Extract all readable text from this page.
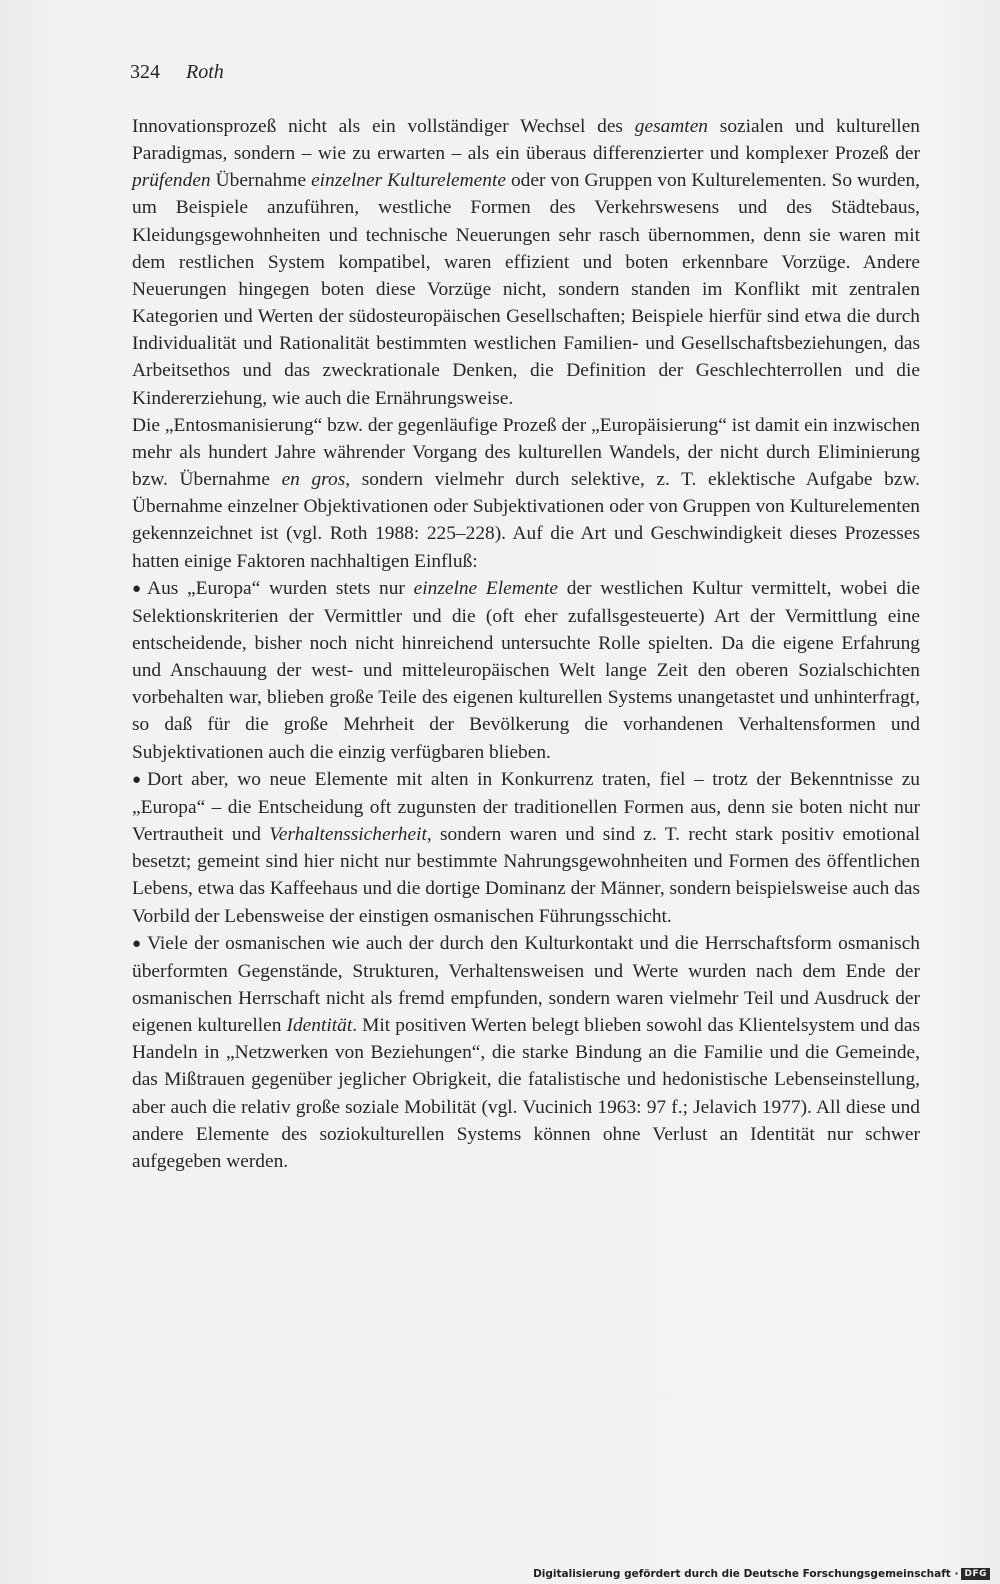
324 Roth

Innovationsprozeß nicht als ein vollständiger Wechsel des gesamten sozialen und kulturellen Paradigmas, sondern – wie zu erwarten – als ein überaus differenzierter und komplexer Prozeß der prüfenden Übernahme einzelner Kulturelemente oder von Gruppen von Kulturelementen. So wurden, um Beispiele anzuführen, westliche Formen des Verkehrswesens und des Städtebaus, Kleidungsgewohnheiten und technische Neuerungen sehr rasch übernommen, denn sie waren mit dem restlichen System kompatibel, waren effizient und boten erkennbare Vorzüge. Andere Neuerungen hingegen boten diese Vorzüge nicht, sondern standen im Konflikt mit zentralen Kategorien und Werten der südosteuropäischen Gesellschaften; Beispiele hierfür sind etwa die durch Individualität und Rationalität bestimmten westlichen Familien- und Gesellschaftsbeziehungen, das Arbeitsethos und das zweckrationale Denken, die Definition der Geschlechterrollen und die Kindererziehung, wie auch die Ernährungsweise.

Die „Entosmanisierung“ bzw. der gegenläufige Prozeß der „Europäisierung“ ist damit ein inzwischen mehr als hundert Jahre währender Vorgang des kulturellen Wandels, der nicht durch Eliminierung bzw. Übernahme en gros, sondern vielmehr durch selektive, z. T. eklektische Aufgabe bzw. Übernahme einzelner Objektivationen oder Subjektivationen oder von Gruppen von Kulturelementen gekennzeichnet ist (vgl. Roth 1988: 225–228). Auf die Art und Geschwindigkeit dieses Prozesses hatten einige Faktoren nachhaltigen Einfluß:

● Aus „Europa“ wurden stets nur einzelne Elemente der westlichen Kultur vermittelt, wobei die Selektionskriterien der Vermittler und die (oft eher zufallsgesteuerte) Art der Vermittlung eine entscheidende, bisher noch nicht hinreichend untersuchte Rolle spielten. Da die eigene Erfahrung und Anschauung der west- und mitteleuropäischen Welt lange Zeit den oberen Sozialschichten vorbehalten war, blieben große Teile des eigenen kulturellen Systems unangetastet und unhinterfragt, so daß für die große Mehrheit der Bevölkerung die vorhandenen Verhaltensformen und Subjektivationen auch die einzig verfügbaren blieben.

● Dort aber, wo neue Elemente mit alten in Konkurrenz traten, fiel – trotz der Bekenntnisse zu „Europa“ – die Entscheidung oft zugunsten der traditionellen Formen aus, denn sie boten nicht nur Vertrautheit und Verhaltenssicherheit, sondern waren und sind z. T. recht stark positiv emotional besetzt; gemeint sind hier nicht nur bestimmte Nahrungsgewohnheiten und Formen des öffentlichen Lebens, etwa das Kaffeehaus und die dortige Dominanz der Männer, sondern beispielsweise auch das Vorbild der Lebensweise der einstigen osmanischen Führungsschicht.

● Viele der osmanischen wie auch der durch den Kulturkontakt und die Herrschaftsform osmanisch überformten Gegenstände, Strukturen, Verhaltensweisen und Werte wurden nach dem Ende der osmanischen Herrschaft nicht als fremd empfunden, sondern waren vielmehr Teil und Ausdruck der eigenen kulturellen Identität. Mit positiven Werten belegt blieben sowohl das Klientelsystem und das Handeln in „Netzwerken von Beziehungen“, die starke Bindung an die Familie und die Gemeinde, das Mißtrauen gegenüber jeglicher Obrigkeit, die fatalistische und hedonistische Lebenseinstellung, aber auch die relativ große soziale Mobilität (vgl. Vucinich 1963: 97 f.; Jelavich 1977). All diese und andere Elemente des soziokulturellen Systems können ohne Verlust an Identität nur schwer aufgegeben werden.

Digitalisierung gefördert durch die Deutsche Forschungsgemeinschaft · DFG
